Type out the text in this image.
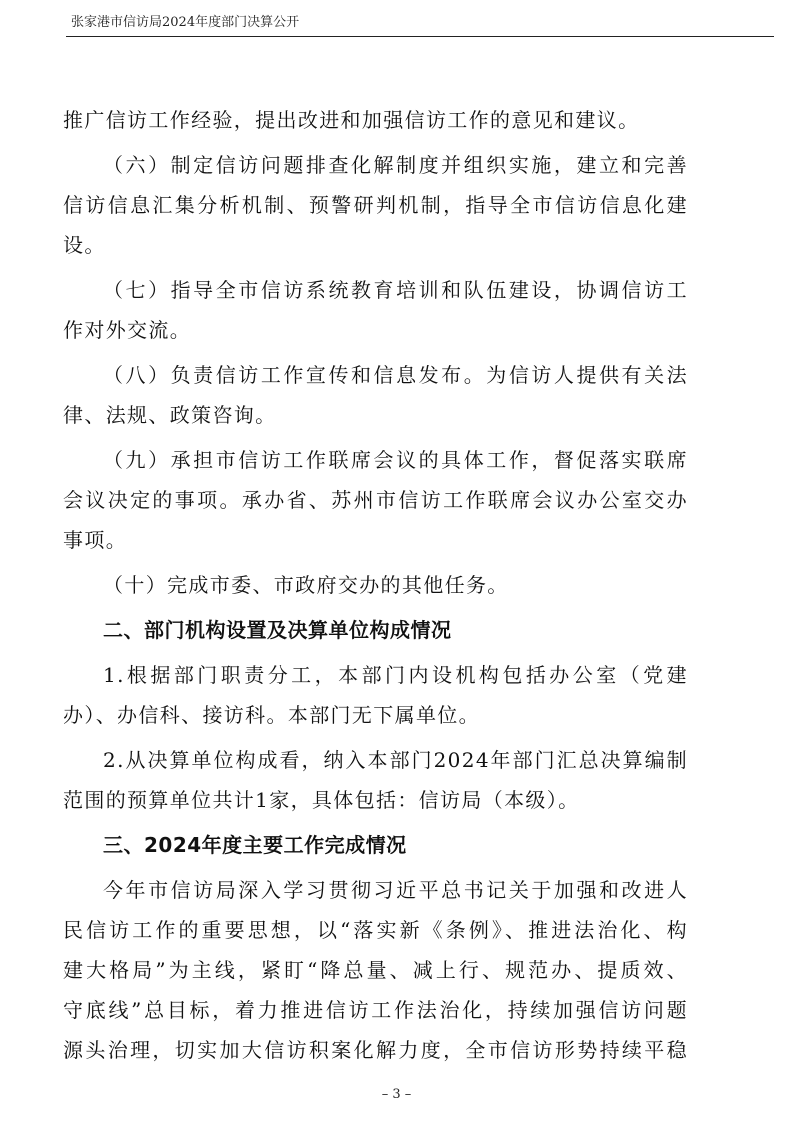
张家港市信访局2024年度部门决算公开
推广信访工作经验，提出改进和加强信访工作的意见和建议。
（六）制定信访问题排查化解制度并组织实施，建立和完善
信访信息汇集分析机制、预警研判机制，指导全市信访信息化建
设。
（七）指导全市信访系统教育培训和队伍建设，协调信访工
作对外交流。
（八）负责信访工作宣传和信息发布。为信访人提供有关法
律、法规、政策咨询。
（九）承担市信访工作联席会议的具体工作，督促落实联席
会议决定的事项。承办省、苏州市信访工作联席会议办公室交办
事项。
（十）完成市委、市政府交办的其他任务。
二、部门机构设置及决算单位构成情况
1.根据部门职责分工，本部门内设机构包括办公室（党建
办）、办信科、接访科。本部门无下属单位。
2.从决算单位构成看，纳入本部门2024年部门汇总决算编制
范围的预算单位共计1家，具体包括：信访局（本级）。
三、2024年度主要工作完成情况
今年市信访局深入学习贯彻习近平总书记关于加强和改进人
民信访工作的重要思想，以“落实新《条例》、推进法治化、构
建大格局”为主线，紧盯“降总量、减上行、规范办、提质效、
守底线”总目标，着力推进信访工作法治化，持续加强信访问题
源头治理，切实加大信访积案化解力度，全市信访形势持续平稳
– 3 –
